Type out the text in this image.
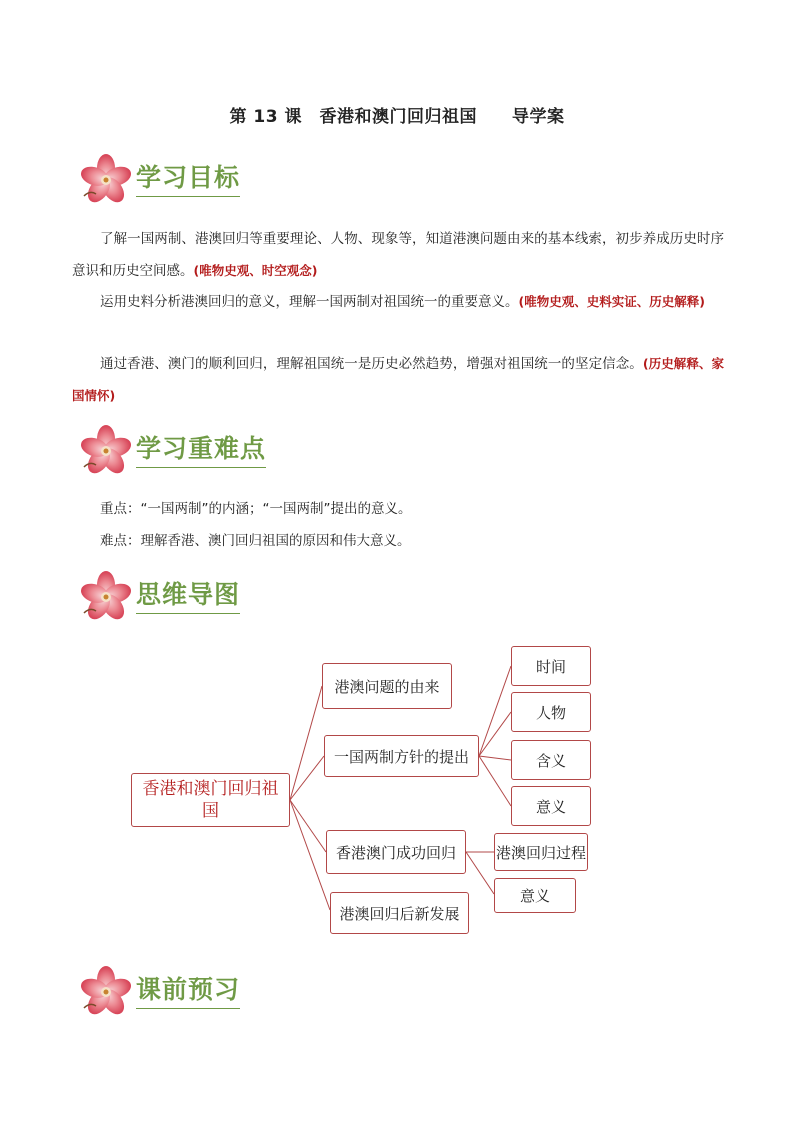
第 13 课　香港和澳门回归祖国　　导学案
学习目标
了解一国两制、港澳回归等重要理论、人物、现象等，知道港澳问题由来的基本线索，初步养成历史时序意识和历史空间感。(唯物史观、时空观念)
运用史料分析港澳回归的意义，理解一国两制对祖国统一的重要意义。(唯物史观、史料实证、历史解释)
通过香港、澳门的顺利回归，理解祖国统一是历史必然趋势，增强对祖国统一的坚定信念。(历史解释、家国情怀)
学习重难点
重点：“一国两制”的内涵；“一国两制”提出的意义。
难点：理解香港、澳门回归祖国的原因和伟大意义。
思维导图
香港和澳门回归祖国
港澳问题的由来
一国两制方针的提出
香港澳门成功回归
港澳回归后新发展
时间
人物
含义
意义
港澳回归过程
意义
课前预习
